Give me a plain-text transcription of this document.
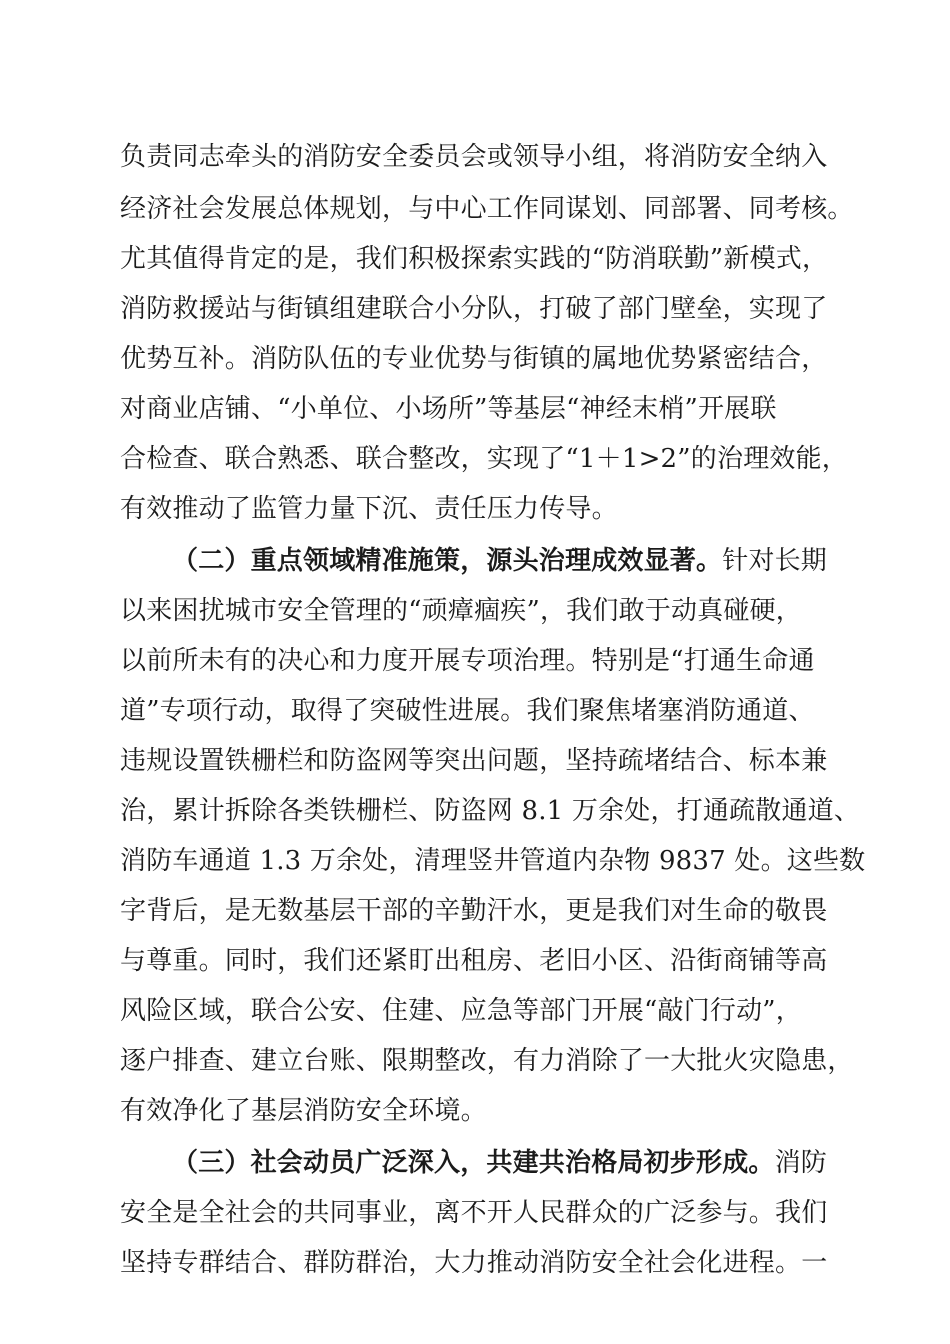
负责同志牵头的消防安全委员会或领导小组，将消防安全纳入
经济社会发展总体规划，与中心工作同谋划、同部署、同考核。
尤其值得肯定的是，我们积极探索实践的“防消联勤”新模式，
消防救援站与街镇组建联合小分队，打破了部门壁垒，实现了
优势互补。消防队伍的专业优势与街镇的属地优势紧密结合，
对商业店铺、“小单位、小场所”等基层“神经末梢”开展联
合检查、联合熟悉、联合整改，实现了“1＋1>2”的治理效能，
有效推动了监管力量下沉、责任压力传导。
（二）重点领域精准施策，源头治理成效显著。针对长期
以来困扰城市安全管理的“顽瘴痼疾”，我们敢于动真碰硬，
以前所未有的决心和力度开展专项治理。特别是“打通生命通
道”专项行动，取得了突破性进展。我们聚焦堵塞消防通道、
违规设置铁栅栏和防盗网等突出问题，坚持疏堵结合、标本兼
治，累计拆除各类铁栅栏、防盗网 8.1 万余处，打通疏散通道、
消防车通道 1.3 万余处，清理竖井管道内杂物 9837 处。这些数
字背后，是无数基层干部的辛勤汗水，更是我们对生命的敬畏
与尊重。同时，我们还紧盯出租房、老旧小区、沿街商铺等高
风险区域，联合公安、住建、应急等部门开展“敲门行动”，
逐户排查、建立台账、限期整改，有力消除了一大批火灾隐患，
有效净化了基层消防安全环境。
（三）社会动员广泛深入，共建共治格局初步形成。消防
安全是全社会的共同事业，离不开人民群众的广泛参与。我们
坚持专群结合、群防群治，大力推动消防安全社会化进程。一
